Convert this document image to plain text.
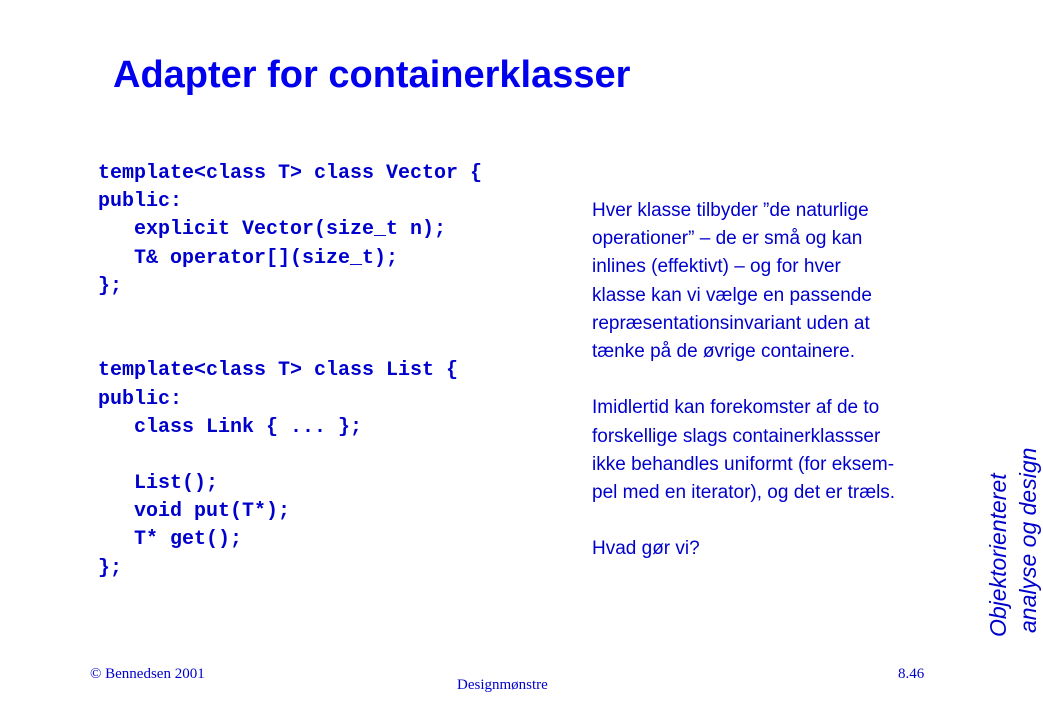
Adapter for containerklasser
template<class T> class Vector {
public:
explicit Vector(size_t n);
T& operator[](size_t);
};
template<class T> class List {
public:
class Link { ... };
List();
void put(T*);
T* get();
};

Hver klasse tilbyder ”de naturlige

operationer” – de er små og kan

inlines (effektivt) – og for hver

klasse kan vi vælge en passende

repræsentationsinvariant uden at

tænke på de øvrige containere.

Imidlertid kan forekomster af de to

forskellige slags containerklassser

ikke behandles uniformt (for eksem-

pel med en iterator), og det er træls.

Hvad gør vi?	Objektorienteret analyse og design
© Bennedsen 2001
Designmønstre
8.46
